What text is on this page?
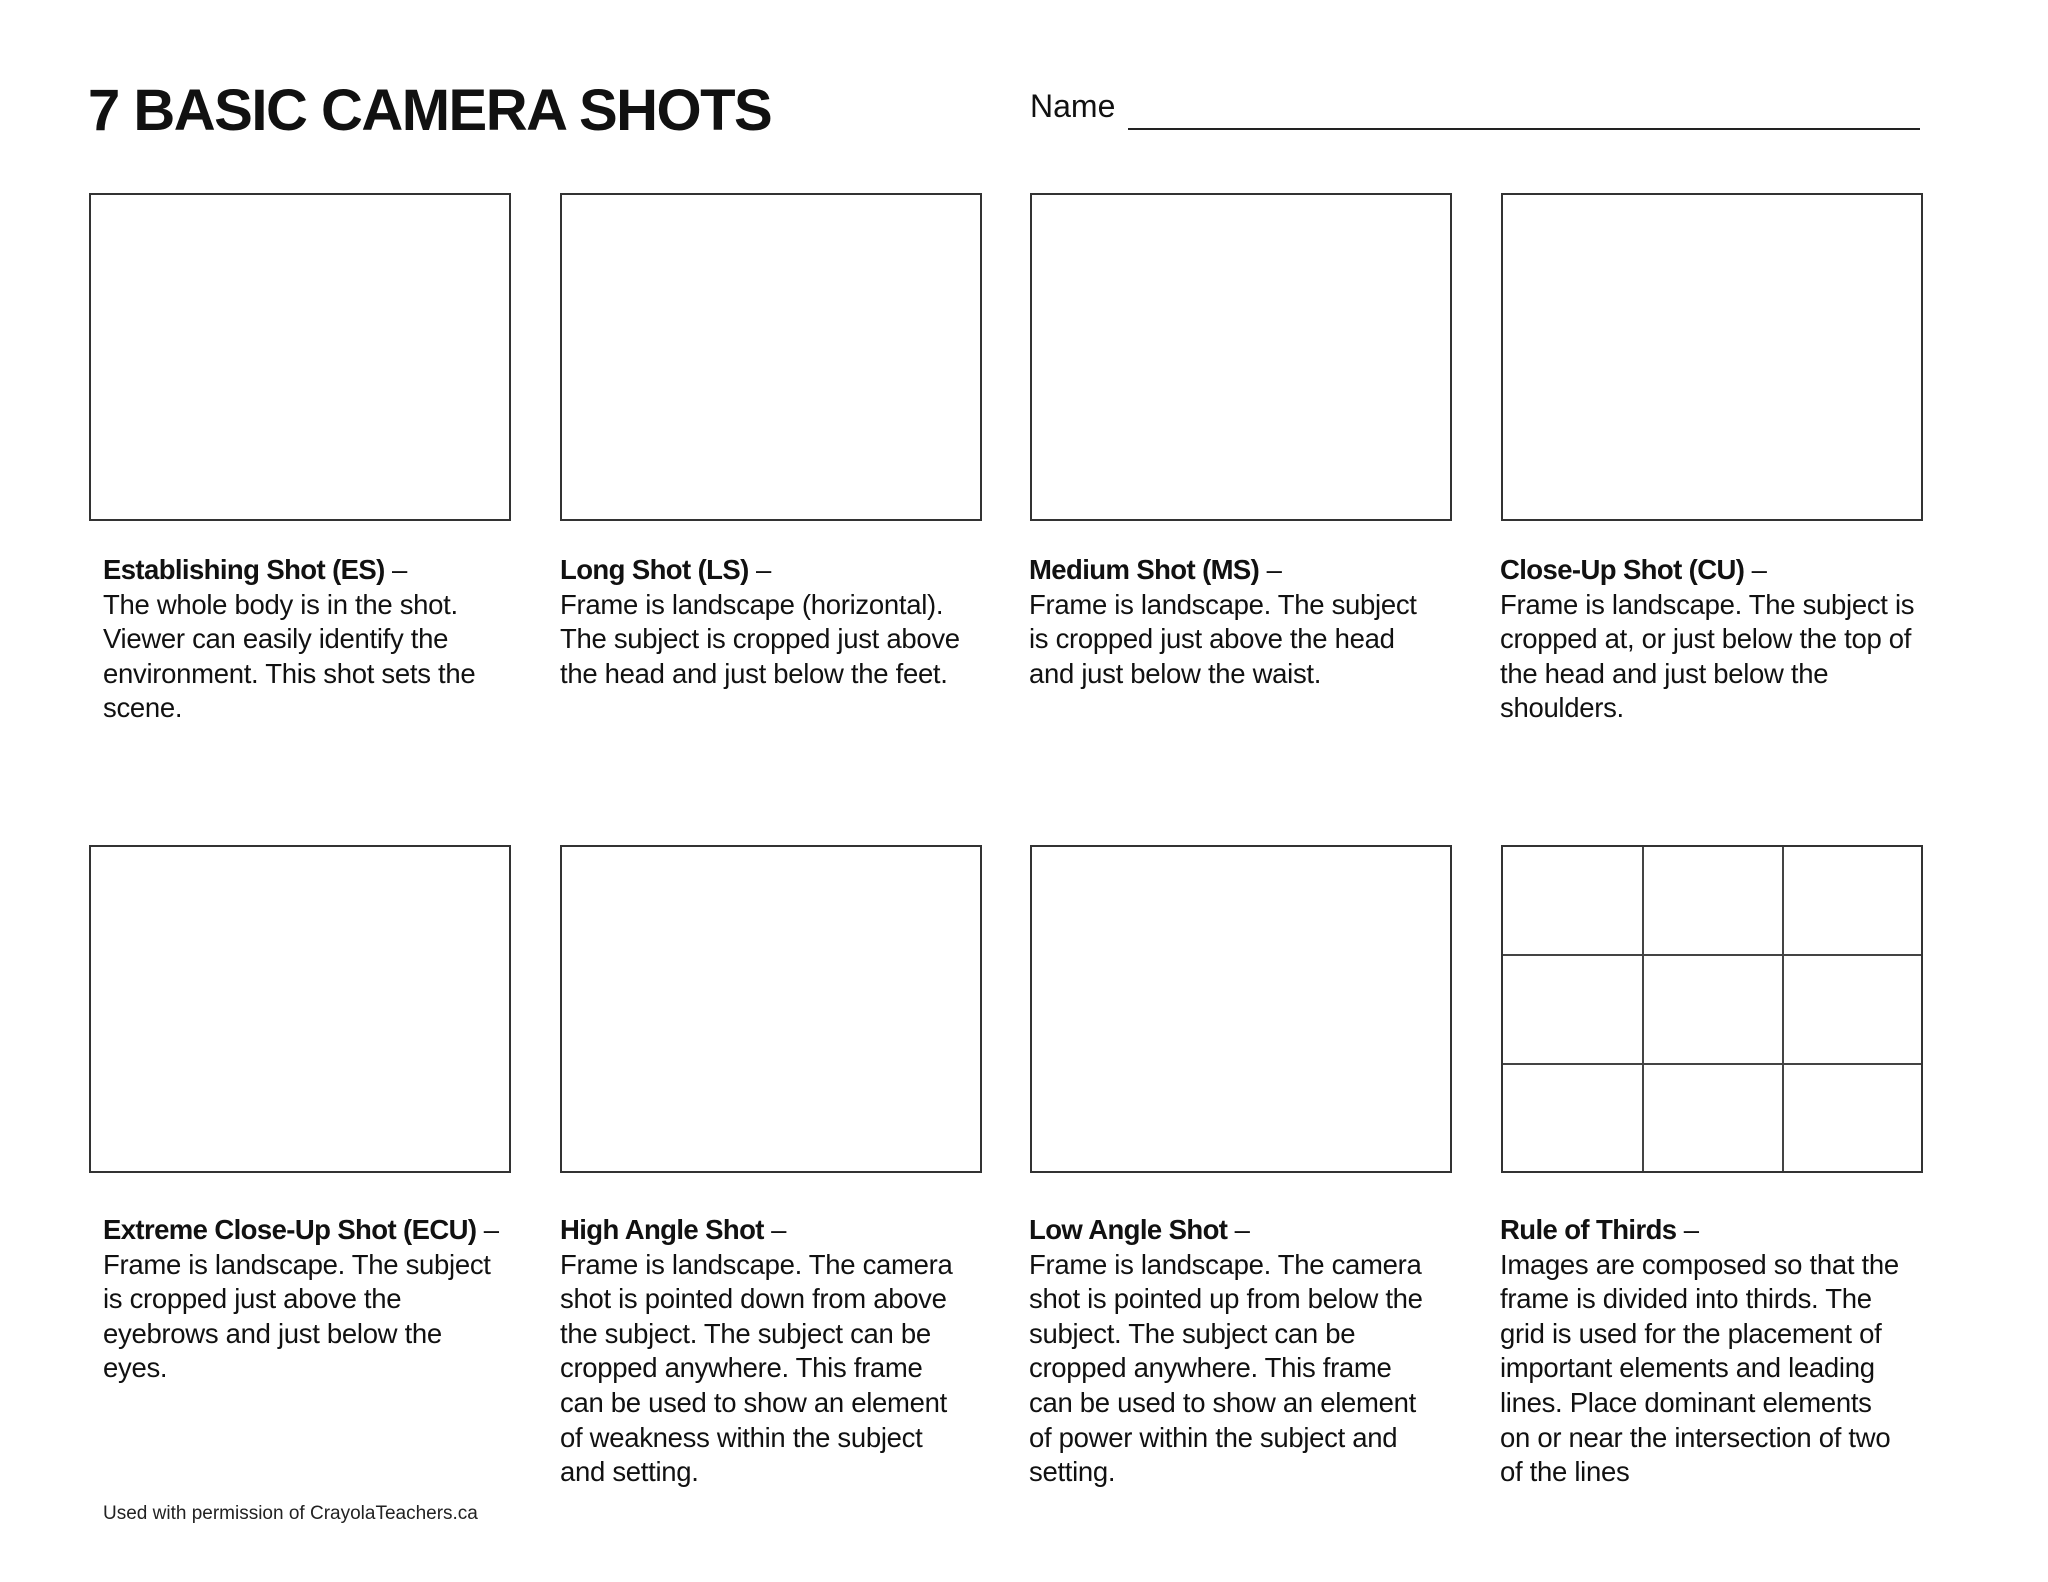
7 BASIC CAMERA SHOTS	Name
Establishing Shot (ES) –
The whole body is in the shot.
Viewer can easily identify the
environment. This shot sets the
scene.
Long Shot (LS) –
Frame is landscape (horizontal).
The subject is cropped just above
the head and just below the feet.
Medium Shot (MS) –
Frame is landscape. The subject
is cropped just above the head
and just below the waist.
Close-Up Shot (CU) –
Frame is landscape. The subject is
cropped at, or just below the top of
the head and just below the
shoulders.
Extreme Close-Up Shot (ECU) –
Frame is landscape. The subject
is cropped just above the
eyebrows and just below the
eyes.
High Angle Shot –
Frame is landscape. The camera
shot is pointed down from above
the subject. The subject can be
cropped anywhere. This frame
can be used to show an element
of weakness within the subject
and setting.
Low Angle Shot –
Frame is landscape. The camera
shot is pointed up from below the
subject. The subject can be
cropped anywhere. This frame
can be used to show an element
of power within the subject and
setting.
Rule of Thirds –
Images are composed so that the
frame is divided into thirds. The
grid is used for the placement of
important elements and leading
lines. Place dominant elements
on or near the intersection of two
of the lines
Used with permission of CrayolaTeachers.ca
